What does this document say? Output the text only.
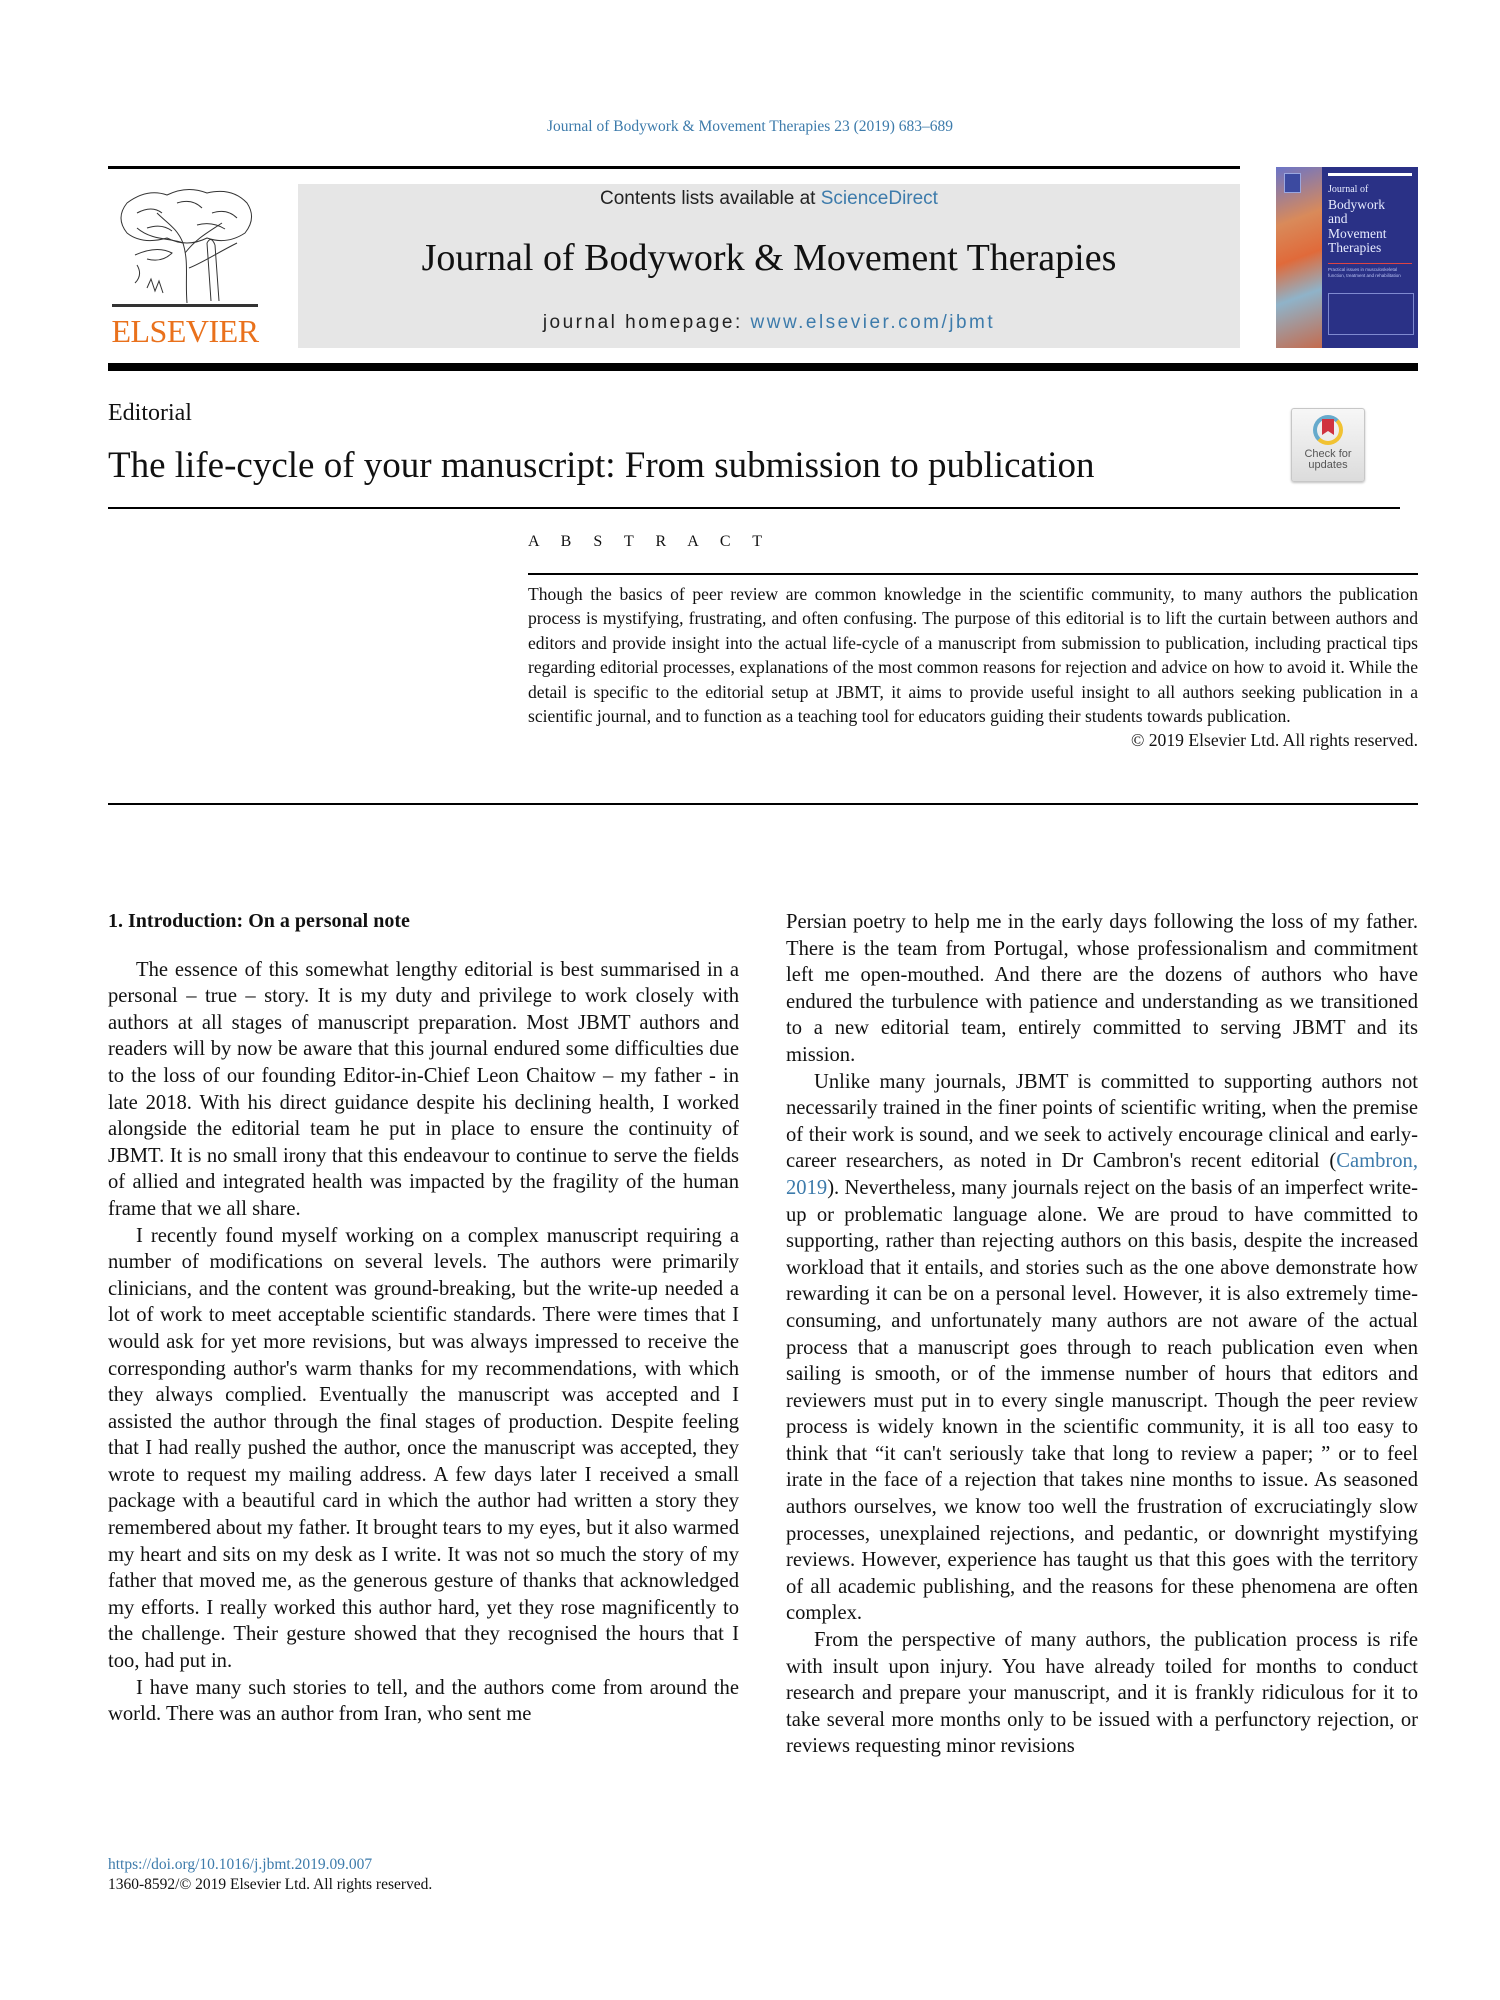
Journal of Bodywork & Movement Therapies 23 (2019) 683–689
ELSEVIER
Contents lists available at ScienceDirect
Journal of Bodywork & Movement Therapies
journal homepage: www.elsevier.com/jbmt
Journal of
Bodywork
and
Movement
Therapies
Practical issues in musculoskeletal function, treatment and rehabilitation
Editorial
The life-cycle of your manuscript: From submission to publication	Check for
updates
A B S T R A C T

Though the basics of peer review are common knowledge in the scientific community, to many authors the publication process is mystifying, frustrating, and often confusing. The purpose of this editorial is to lift the curtain between authors and editors and provide insight into the actual life-cycle of a manuscript from submission to publication, including practical tips regarding editorial processes, explanations of the most common reasons for rejection and advice on how to avoid it. While the detail is specific to the editorial setup at JBMT, it aims to provide useful insight to all authors seeking publication in a scientific journal, and to function as a teaching tool for educators guiding their students towards publication.

© 2019 Elsevier Ltd. All rights reserved.

1. Introduction: On a personal note

The essence of this somewhat lengthy editorial is best summarised in a personal – true – story. It is my duty and privilege to work closely with authors at all stages of manuscript preparation. Most JBMT authors and readers will by now be aware that this journal endured some difficulties due to the loss of our founding Editor-in-Chief Leon Chaitow – my father - in late 2018. With his direct guidance despite his declining health, I worked alongside the editorial team he put in place to ensure the continuity of JBMT. It is no small irony that this endeavour to continue to serve the fields of allied and integrated health was impacted by the fragility of the human frame that we all share.

I recently found myself working on a complex manuscript requiring a number of modifications on several levels. The authors were primarily clinicians, and the content was ground-breaking, but the write-up needed a lot of work to meet acceptable scientific standards. There were times that I would ask for yet more revisions, but was always impressed to receive the corresponding author's warm thanks for my recommendations, with which they always complied. Eventually the manuscript was accepted and I assisted the author through the final stages of production. Despite feeling that I had really pushed the author, once the manuscript was accepted, they wrote to request my mailing address. A few days later I received a small package with a beautiful card in which the author had written a story they remembered about my father. It brought tears to my eyes, but it also warmed my heart and sits on my desk as I write. It was not so much the story of my father that moved me, as the generous gesture of thanks that acknowledged my efforts. I really worked this author hard, yet they rose magnificently to the challenge. Their gesture showed that they recognised the hours that I too, had put in.

I have many such stories to tell, and the authors come from around the world. There was an author from Iran, who sent me

Persian poetry to help me in the early days following the loss of my father. There is the team from Portugal, whose professionalism and commitment left me open-mouthed. And there are the dozens of authors who have endured the turbulence with patience and understanding as we transitioned to a new editorial team, entirely committed to serving JBMT and its mission.

Unlike many journals, JBMT is committed to supporting authors not necessarily trained in the finer points of scientific writing, when the premise of their work is sound, and we seek to actively encourage clinical and early-career researchers, as noted in Dr Cambron's recent editorial (Cambron, 2019). Nevertheless, many journals reject on the basis of an imperfect write-up or problematic language alone. We are proud to have committed to supporting, rather than rejecting authors on this basis, despite the increased workload that it entails, and stories such as the one above demonstrate how rewarding it can be on a personal level. However, it is also extremely time-consuming, and unfortunately many authors are not aware of the actual process that a manuscript goes through to reach publication even when sailing is smooth, or of the immense number of hours that editors and reviewers must put in to every single manuscript. Though the peer review process is widely known in the scientific community, it is all too easy to think that “it can't seriously take that long to review a paper; ” or to feel irate in the face of a rejection that takes nine months to issue. As seasoned authors ourselves, we know too well the frustration of excruciatingly slow processes, unexplained rejections, and pedantic, or downright mystifying reviews. However, experience has taught us that this goes with the territory of all academic publishing, and the reasons for these phenomena are often complex.

From the perspective of many authors, the publication process is rife with insult upon injury. You have already toiled for months to conduct research and prepare your manuscript, and it is frankly ridiculous for it to take several more months only to be issued with a perfunctory rejection, or reviews requesting minor revisions

https://doi.org/10.1016/j.jbmt.2019.09.007
1360-8592/© 2019 Elsevier Ltd. All rights reserved.
